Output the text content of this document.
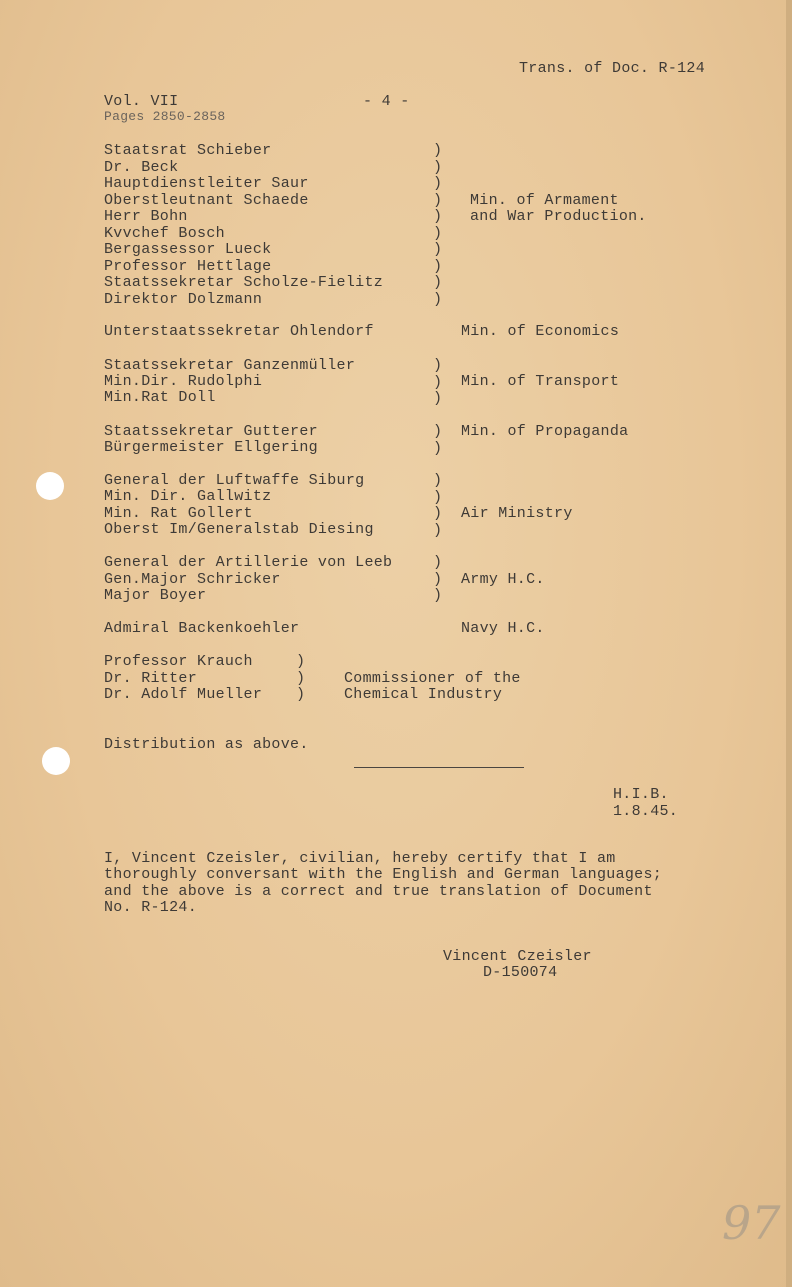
Trans. of Doc. R-124
Vol. VII
Pages 2850-2858
- 4 -
Staatsrat Schieber
Dr. Beck
Hauptdienstleiter Saur
Oberstleutnant Schaede
Herr Bohn
Kvvchef Bosch
Bergassessor Lueck
Professor Hettlage
Staatssekretar Scholze-Fielitz
Direktor Dolzmann
)
)
)
)
)
)
)
)
)
)
Min. of Armament
and War Production.
Unterstaatssekretar Ohlendorf	Min. of Economics
Staatssekretar Ganzenmüller
Min.Dir. Rudolphi
Min.Rat Doll
)
)
)
Min. of Transport
Staatssekretar Gutterer
Bürgermeister Ellgering
)
)
Min. of Propaganda
General der Luftwaffe Siburg
Min. Dir. Gallwitz
Min. Rat Gollert
Oberst Im/Generalstab Diesing
)
)
)
)
Air Ministry
General der Artillerie von Leeb
Gen.Major Schricker
Major Boyer
)
)
)
Army H.C.
Admiral Backenkoehler	Navy H.C.
Professor Krauch
Dr. Ritter
Dr. Adolf Mueller
)
)
)
Commissioner of the
Chemical Industry
Distribution as above.
H.I.B.
1.8.45.
I, Vincent Czeisler, civilian, hereby certify that I am
thoroughly conversant with the English and German languages;
and the above is a correct and true translation of Document
No. R-124.
Vincent Czeisler
D-150074
97
